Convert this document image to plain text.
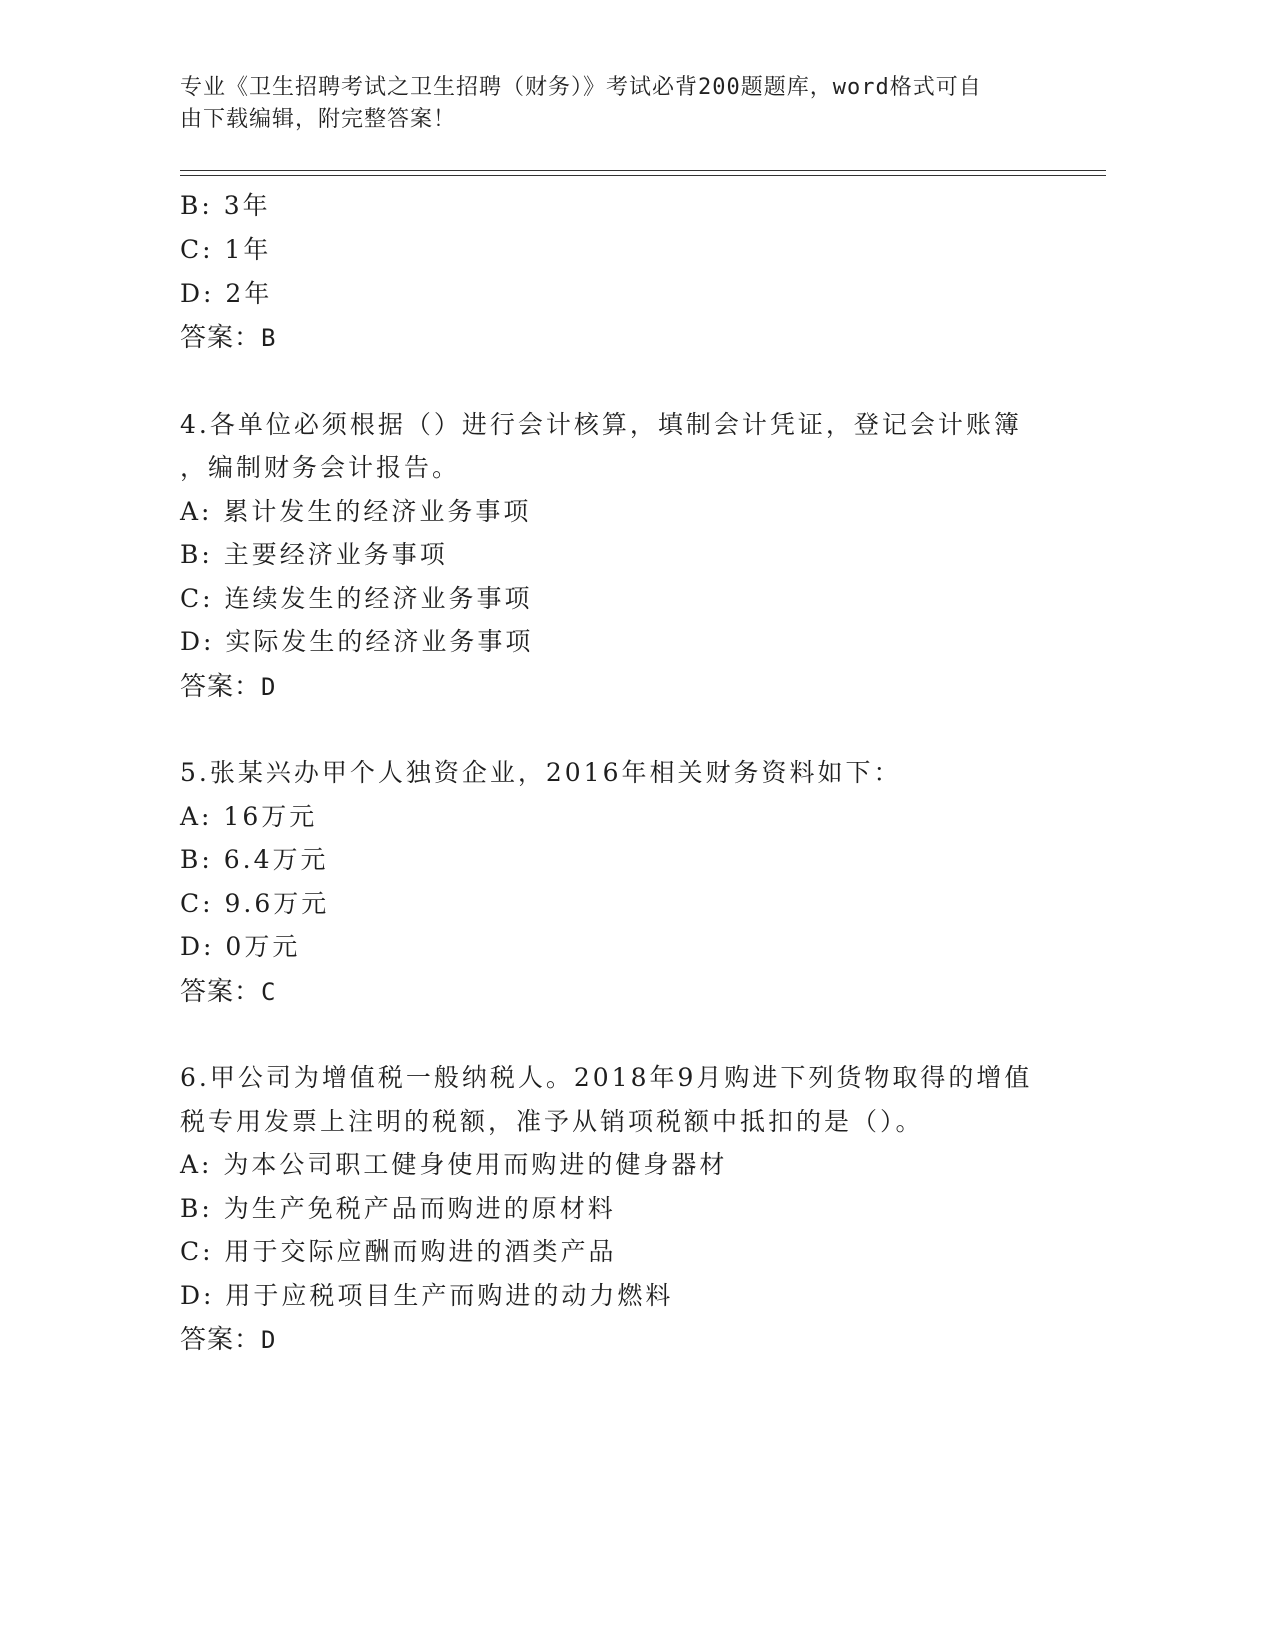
专业《卫生招聘考试之卫生招聘（财务）》考试必背200题题库，word格式可自
由下载编辑，附完整答案！
B: 3年
C: 1年
D: 2年
答案：B
4.各单位必须根据（）进行会计核算，填制会计凭证，登记会计账簿
，编制财务会计报告。
A: 累计发生的经济业务事项
B: 主要经济业务事项
C: 连续发生的经济业务事项
D: 实际发生的经济业务事项
答案：D
5.张某兴办甲个人独资企业，2016年相关财务资料如下：
A: 16万元
B: 6.4万元
C: 9.6万元
D: 0万元
答案：C
6.甲公司为增值税一般纳税人。2018年9月购进下列货物取得的增值
税专用发票上注明的税额，准予从销项税额中抵扣的是（）。
A: 为本公司职工健身使用而购进的健身器材
B: 为生产免税产品而购进的原材料
C: 用于交际应酬而购进的酒类产品
D: 用于应税项目生产而购进的动力燃料
答案：D
